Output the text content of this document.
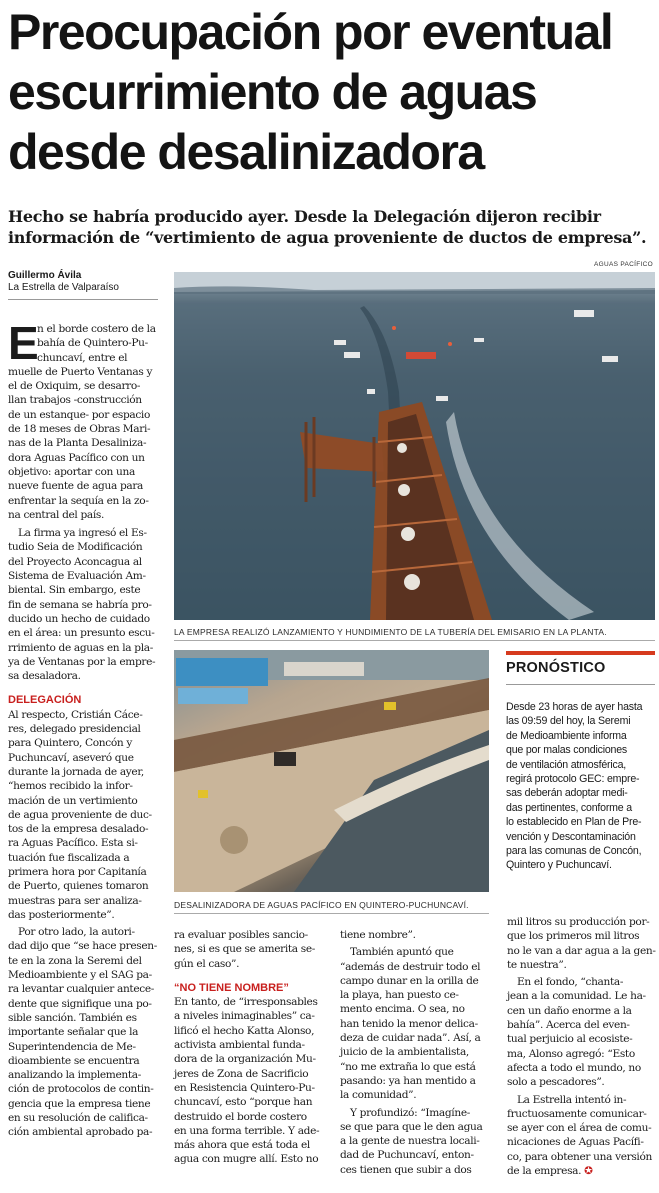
Preocupación por eventual
escurrimiento de aguas
desde desalinizadora
Hecho se habría producido ayer. Desde la Delegación dijeron recibir
información de “vertimiento de agua proveniente de ductos de empresa”.
Guillermo Ávila
La Estrella de Valparaíso
AGUAS PACÍFICO
LA EMPRESA REALIZÓ LANZAMIENTO Y HUNDIMIENTO DE LA TUBERÍA DEL EMISARIO EN LA PLANTA.
DESALINIZADORA DE AGUAS PACÍFICO EN QUINTERO-PUCHUNCAVÍ.
PRONÓSTICO

Desde 23 horas de ayer hasta

las 09:59 del hoy, la Seremi

de Medioambiente informa

que por malas condiciones

de ventilación atmosférica,

regirá protocolo GEC: empre-

sas deberán adoptar medi-

das pertinentes, conforme a

lo establecido en Plan de Pre-

vención y Descontaminación

para las comunas de Concón,

Quintero y Puchuncaví.

E

n el borde costero de la

bahía de Quintero-Pu-

chuncaví, entre el

muelle de Puerto Ventanas y

el de Oxiquim, se desarro-

llan trabajos -construcción

de un estanque- por espacio

de 18 meses de Obras Mari-

nas de la Planta Desaliniza-

dora Aguas Pacífico con un

objetivo: aportar con una

nueve fuente de agua para

enfrentar la sequía en la zo-

na central del país.

La firma ya ingresó el Es-

tudio Seia de Modificación

del Proyecto Aconcagua al

Sistema de Evaluación Am-

biental. Sin embargo, este

fin de semana se habría pro-

ducido un hecho de cuidado

en el área: un presunto escu-

rrimiento de aguas en la pla-

ya de Ventanas por la empre-

sa desaladora.

DELEGACIÓN

Al respecto, Cristián Cáce-

res, delegado presidencial

para Quintero, Concón y

Puchuncaví, aseveró que

durante la jornada de ayer,

“hemos recibido la infor-

mación de un vertimiento

de agua proveniente de duc-

tos de la empresa desalado-

ra Aguas Pacífico. Esta si-

tuación fue fiscalizada a

primera hora por Capitanía

de Puerto, quienes tomaron

muestras para ser analiza-

das posteriormente”.

Por otro lado, la autori-

dad dijo que “se hace presen-

te en la zona la Seremi del

Medioambiente y el SAG pa-

ra levantar cualquier antece-

dente que signifique una po-

sible sanción. También es

importante señalar que la

Superintendencia de Me-

dioambiente se encuentra

analizando la implementa-

ción de protocolos de contin-

gencia que la empresa tiene

en su resolución de califica-

ción ambiental aprobado pa-

ra evaluar posibles sancio-

nes, si es que se amerita se-

gún el caso”.

“NO TIENE NOMBRE”

En tanto, de “irresponsables

a niveles inimaginables” ca-

lificó el hecho Katta Alonso,

activista ambiental funda-

dora de la organización Mu-

jeres de Zona de Sacrificio

en Resistencia Quintero-Pu-

chuncaví, esto “porque han

destruido el borde costero

en una forma terrible. Y ade-

más ahora que está toda el

agua con mugre allí. Esto no

tiene nombre”.

También apuntó que

“además de destruir todo el

campo dunar en la orilla de

la playa, han puesto ce-

mento encima. O sea, no

han tenido la menor delica-

deza de cuidar nada”. Así, a

juicio de la ambientalista,

“no me extraña lo que está

pasando: ya han mentido a

la comunidad”.

Y profundizó: “Imagíne-

se que para que le den agua

a la gente de nuestra locali-

dad de Puchuncaví, enton-

ces tienen que subir a dos

mil litros su producción por-

que los primeros mil litros

no le van a dar agua a la gen-

te nuestra”.

En el fondo, “chanta-

jean a la comunidad. Le ha-

cen un daño enorme a la

bahía”. Acerca del even-

tual perjuicio al ecosiste-

ma, Alonso agregó: “Esto

afecta a todo el mundo, no

solo a pescadores”.

La Estrella intentó in-

fructuosamente comunicar-

se ayer con el área de comu-

nicaciones de Aguas Pacífi-

co, para obtener una versión

de la empresa. ✪
